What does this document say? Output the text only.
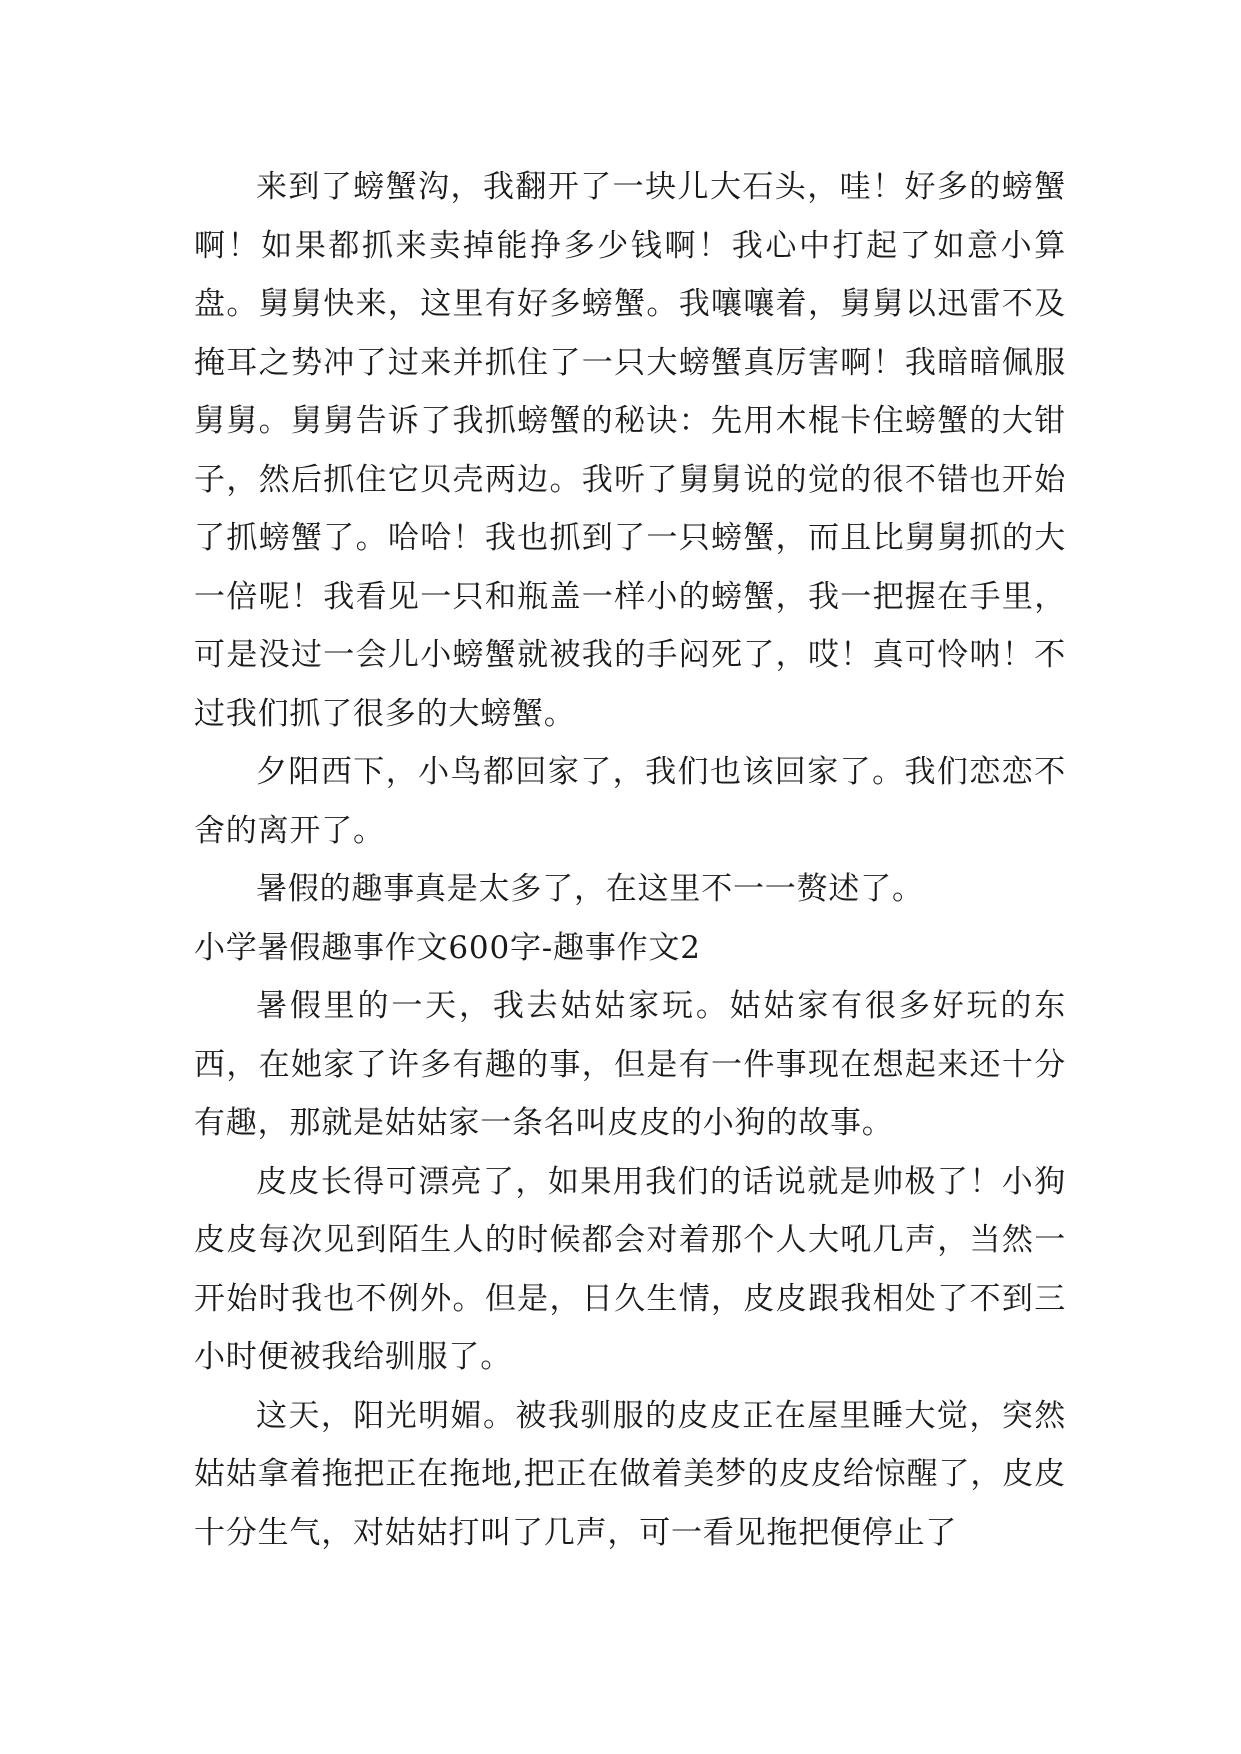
来到了螃蟹沟，我翻开了一块儿大石头，哇！好多的螃蟹啊！如果都抓来卖掉能挣多少钱啊！我心中打起了如意小算盘。舅舅快来，这里有好多螃蟹。我嚷嚷着，舅舅以迅雷不及掩耳之势冲了过来并抓住了一只大螃蟹真厉害啊！我暗暗佩服舅舅。舅舅告诉了我抓螃蟹的秘诀：先用木棍卡住螃蟹的大钳子，然后抓住它贝壳两边。我听了舅舅说的觉的很不错也开始了抓螃蟹了。哈哈！我也抓到了一只螃蟹，而且比舅舅抓的大一倍呢！我看见一只和瓶盖一样小的螃蟹，我一把握在手里，可是没过一会儿小螃蟹就被我的手闷死了，哎！真可怜呐！不过我们抓了很多的大螃蟹。

夕阳西下，小鸟都回家了，我们也该回家了。我们恋恋不舍的离开了。

暑假的趣事真是太多了，在这里不一一赘述了。

小学暑假趣事作文600字-趣事作文2

暑假里的一天，我去姑姑家玩。姑姑家有很多好玩的东西，在她家了许多有趣的事，但是有一件事现在想起来还十分有趣，那就是姑姑家一条名叫皮皮的小狗的故事。

皮皮长得可漂亮了，如果用我们的话说就是帅极了！小狗皮皮每次见到陌生人的时候都会对着那个人大吼几声，当然一开始时我也不例外。但是，日久生情，皮皮跟我相处了不到三小时便被我给驯服了。

这天，阳光明媚。被我驯服的皮皮正在屋里睡大觉，突然姑姑拿着拖把正在拖地,把正在做着美梦的皮皮给惊醒了，皮皮十分生气，对姑姑打叫了几声，可一看见拖把便停止了
